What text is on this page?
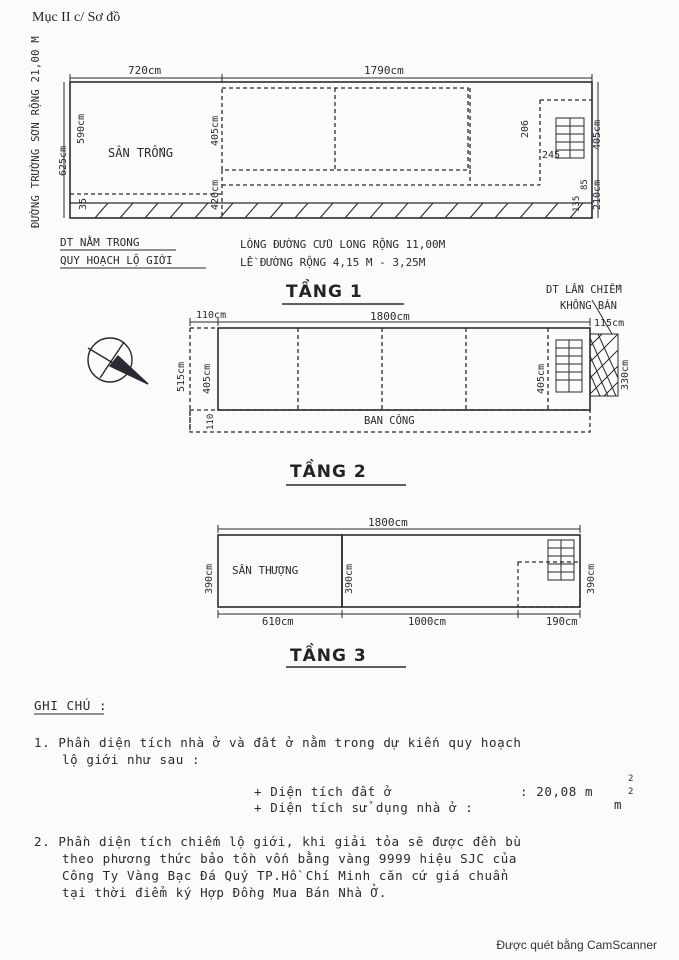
Mục II c/ Sơ đồ
720cm	1790cm
SÂN TRỐNG	245
ĐƯỜNG TRƯỜNG SƠN RỘNG 21,00 M 625cm
590cm
35
405cm
420cm
206	405cm
210cm
135
85
DT NẰM TRONG
QUY HOẠCH LỘ GIỚI
LÒNG ĐƯỜNG CỬU LONG RỘNG 11,00M
LỀ ĐƯỜNG RỘNG 4,15 M - 3,25M
DT LẤN CHIẾM
KHÔNG BÁN
TẦNG 1
110cm	1800cm
115cm
BAN CÔNG
515cm 405cm
110
405cm	330cm
TẦNG 2
1800cm
SÂN THƯỢNG
610cm	1000cm	190cm
390cm	390cm	390cm
TẦNG 3
GHI CHÚ :
1. Phần diện tích nhà ở và đất ở nằm trong dự kiến quy hoạch
lộ giới như sau :
+ Diện tích đất ở	: 20,08 m
2
+ Diện tích sử dụng nhà ở :	m
2
2. Phần diện tích chiếm lộ giới, khi giải tỏa sẽ được đền bù
theo phương thức bảo tồn vốn bằng vàng 9999 hiệu SJC của
Công Ty Vàng Bạc Đá Quý TP.Hồ Chí Minh căn cứ giá chuẩn
tại thời điểm ký Hợp Đồng Mua Bán Nhà Ở.
Được quét bằng CamScanner
